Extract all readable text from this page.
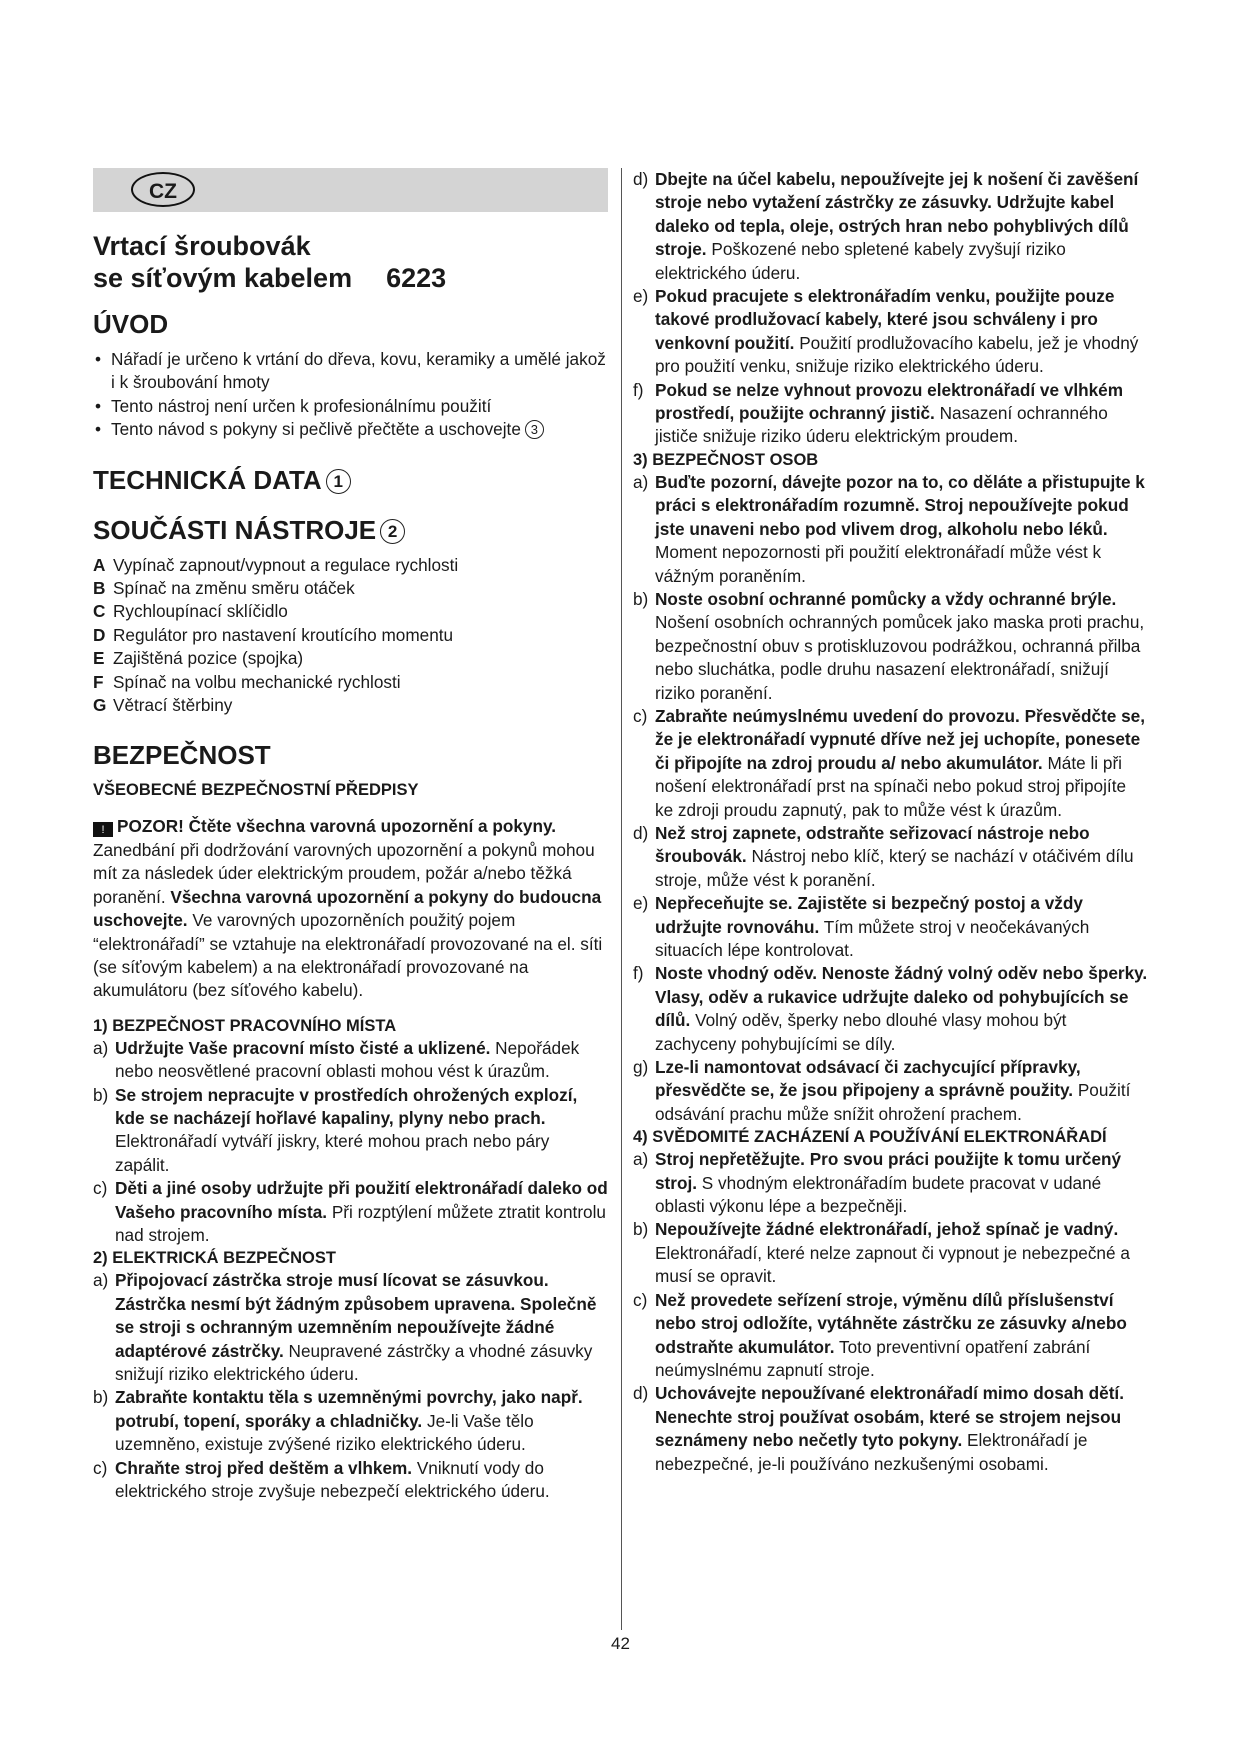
CZ
Vrtací šroubovák
se síťovým kabelem 6223
ÚVOD
• Nářadí je určeno k vrtání do dřeva, kovu, keramiky a umělé jakož i k šroubování hmoty
• Tento nástroj není určen k profesionálnímu použití
• Tento návod s pokyny si pečlivě přečtěte a uschovejte 3
TECHNICKÁ DATA 1
SOUČÁSTI NÁSTROJE 2
A Vypínač zapnout/vypnout a regulace rychlosti
B Spínač na změnu směru otáček
C Rychloupínací sklíčidlo
D Regulátor pro nastavení kroutícího momentu
E Zajištěná pozice (spojka)
F Spínač na volbu mechanické rychlosti
G Větrací štěrbiny
BEZPEČNOST
VŠEOBECNÉ BEZPEČNOSTNÍ PŘEDPISY

! POZOR! Čtěte všechna varovná upozornění a pokyny. Zanedbání při dodržování varovných upozornění a pokynů mohou mít za následek úder elektrickým proudem, požár a/nebo těžká poranění. Všechna varovná upozornění a pokyny do budoucna uschovejte. Ve varovných upozorněních použitý pojem “elektronářadí” se vztahuje na elektronářadí provozované na el. síti (se síťovým kabelem) a na elektronářadí provozované na akumulátoru (bez síťového kabelu).

1) BEZPEČNOST PRACOVNÍHO MÍSTA
a) Udržujte Vaše pracovní místo čisté a uklizené. Nepořádek nebo neosvětlené pracovní oblasti mohou vést k úrazům.
b) Se strojem nepracujte v prostředích ohrožených explozí, kde se nacházejí hořlavé kapaliny, plyny nebo prach. Elektronářadí vytváří jiskry, které mohou prach nebo páry zapálit.
c) Děti a jiné osoby udržujte při použití elektronářadí daleko od Vašeho pracovního místa. Při rozptýlení můžete ztratit kontrolu nad strojem.
2) ELEKTRICKÁ BEZPEČNOST
a) Připojovací zástrčka stroje musí lícovat se zásuvkou. Zástrčka nesmí být žádným způsobem upravena. Společně se stroji s ochranným uzemněním nepoužívejte žádné adaptérové zástrčky. Neupravené zástrčky a vhodné zásuvky snižují riziko elektrického úderu.
b) Zabraňte kontaktu těla s uzemněnými povrchy, jako např. potrubí, topení, sporáky a chladničky. Je-li Vaše tělo uzemněno, existuje zvýšené riziko elektrického úderu.
c) Chraňte stroj před deštěm a vlhkem. Vniknutí vody do elektrického stroje zvyšuje nebezpečí elektrického úderu.
d) Dbejte na účel kabelu, nepoužívejte jej k nošení či zavěšení stroje nebo vytažení zástrčky ze zásuvky. Udržujte kabel daleko od tepla, oleje, ostrých hran nebo pohyblivých dílů stroje. Poškozené nebo spletené kabely zvyšují riziko elektrického úderu.
e) Pokud pracujete s elektronářadím venku, použijte pouze takové prodlužovací kabely, které jsou schváleny i pro venkovní použití. Použití prodlužovacího kabelu, jež je vhodný pro použití venku, snižuje riziko elektrického úderu.
f) Pokud se nelze vyhnout provozu elektronářadí ve vlhkém prostředí, použijte ochranný jistič. Nasazení ochranného jističe snižuje riziko úderu elektrickým proudem.
3) BEZPEČNOST OSOB
a) Buďte pozorní, dávejte pozor na to, co děláte a přistupujte k práci s elektronářadím rozumně. Stroj nepoužívejte pokud jste unaveni nebo pod vlivem drog, alkoholu nebo léků. Moment nepozornosti při použití elektronářadí může vést k vážným poraněním.
b) Noste osobní ochranné pomůcky a vždy ochranné brýle. Nošení osobních ochranných pomůcek jako maska proti prachu, bezpečnostní obuv s protiskluzovou podrážkou, ochranná přilba nebo sluchátka, podle druhu nasazení elektronářadí, snižují riziko poranění.
c) Zabraňte neúmyslnému uvedení do provozu. Přesvědčte se, že je elektronářadí vypnuté dříve než jej uchopíte, ponesete či připojíte na zdroj proudu a/ nebo akumulátor. Máte li při nošení elektronářadí prst na spínači nebo pokud stroj připojíte ke zdroji proudu zapnutý, pak to může vést k úrazům.
d) Než stroj zapnete, odstraňte seřizovací nástroje nebo šroubovák. Nástroj nebo klíč, který se nachází v otáčivém dílu stroje, může vést k poranění.
e) Nepřeceňujte se. Zajistěte si bezpečný postoj a vždy udržujte rovnováhu. Tím můžete stroj v neočekávaných situacích lépe kontrolovat.
f) Noste vhodný oděv. Nenoste žádný volný oděv nebo šperky. Vlasy, oděv a rukavice udržujte daleko od pohybujících se dílů. Volný oděv, šperky nebo dlouhé vlasy mohou být zachyceny pohybujícími se díly.
g) Lze-li namontovat odsávací či zachycující přípravky, přesvědčte se, že jsou připojeny a správně použity. Použití odsávání prachu může snížit ohrožení prachem.
4) SVĚDOMITÉ ZACHÁZENÍ A POUŽÍVÁNÍ ELEKTRONÁŘADÍ
a) Stroj nepřetěžujte. Pro svou práci použijte k tomu určený stroj. S vhodným elektronářadím budete pracovat v udané oblasti výkonu lépe a bezpečněji.
b) Nepoužívejte žádné elektronářadí, jehož spínač je vadný. Elektronářadí, které nelze zapnout či vypnout je nebezpečné a musí se opravit.
c) Než provedete seřízení stroje, výměnu dílů příslušenství nebo stroj odložíte, vytáhněte zástrčku ze zásuvky a/nebo odstraňte akumulátor. Toto preventivní opatření zabrání neúmyslnému zapnutí stroje.
d) Uchovávejte nepoužívané elektronářadí mimo dosah dětí. Nenechte stroj používat osobám, které se strojem nejsou seznámeny nebo nečetly tyto pokyny. Elektronářadí je nebezpečné, je-li používáno nezkušenými osobami.
42
